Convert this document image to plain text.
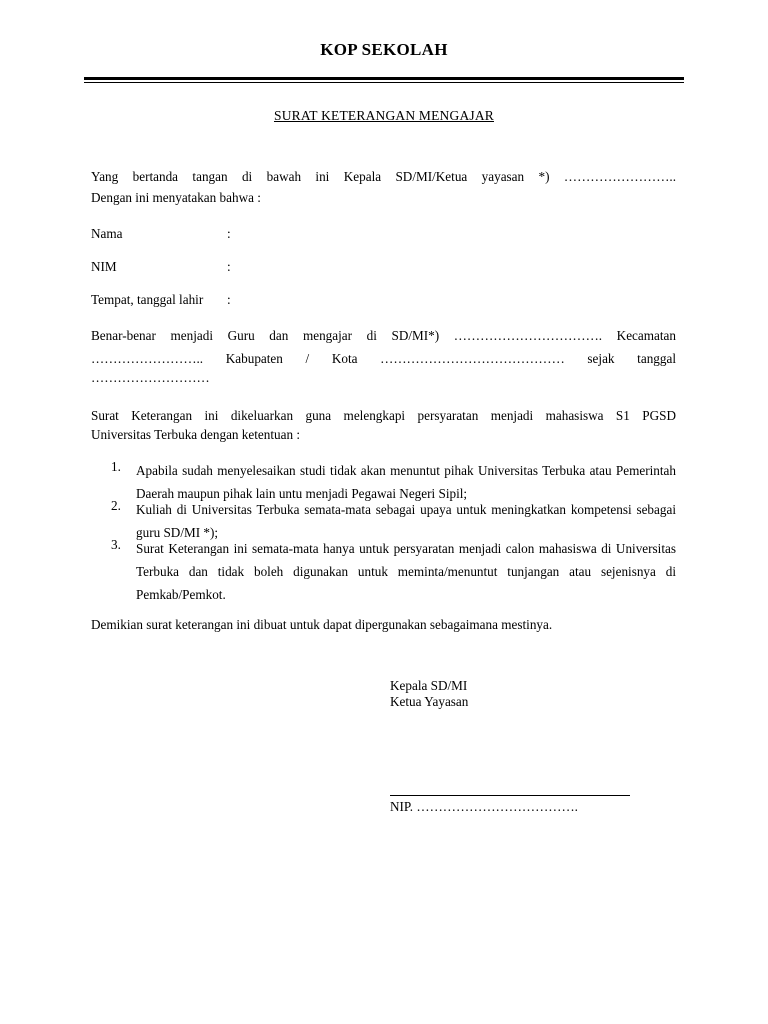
KOP SEKOLAH
SURAT KETERANGAN MENGAJAR
Yang bertanda tangan di bawah ini Kepala SD/MI/Ketua yayasan *) ……………………..
Dengan ini menyatakan bahwa :
Nama	:
NIM	:
Tempat, tanggal lahir :
Benar-benar menjadi Guru dan mengajar di SD/MI*) ……………………………. Kecamatan
…………………….. Kabupaten / Kota …………………………………… sejak tanggal
………………………
Surat Keterangan ini dikeluarkan guna melengkapi persyaratan menjadi mahasiswa S1 PGSD
Universitas Terbuka dengan ketentuan :
1. Apabila sudah menyelesaikan studi tidak akan menuntut pihak Universitas Terbuka atau Pemerintah Daerah maupun pihak lain untu menjadi Pegawai Negeri Sipil;
2. Kuliah di Universitas Terbuka semata-mata sebagai upaya untuk meningkatkan kompetensi sebagai guru SD/MI *);
3. Surat Keterangan ini semata-mata hanya untuk persyaratan menjadi calon mahasiswa di Universitas Terbuka dan tidak boleh digunakan untuk meminta/menuntut tunjangan atau sejenisnya di Pemkab/Pemkot.
Demikian surat keterangan ini dibuat untuk dapat dipergunakan sebagaimana mestinya.
Kepala SD/MI
Ketua Yayasan
NIP. ……………………………….
